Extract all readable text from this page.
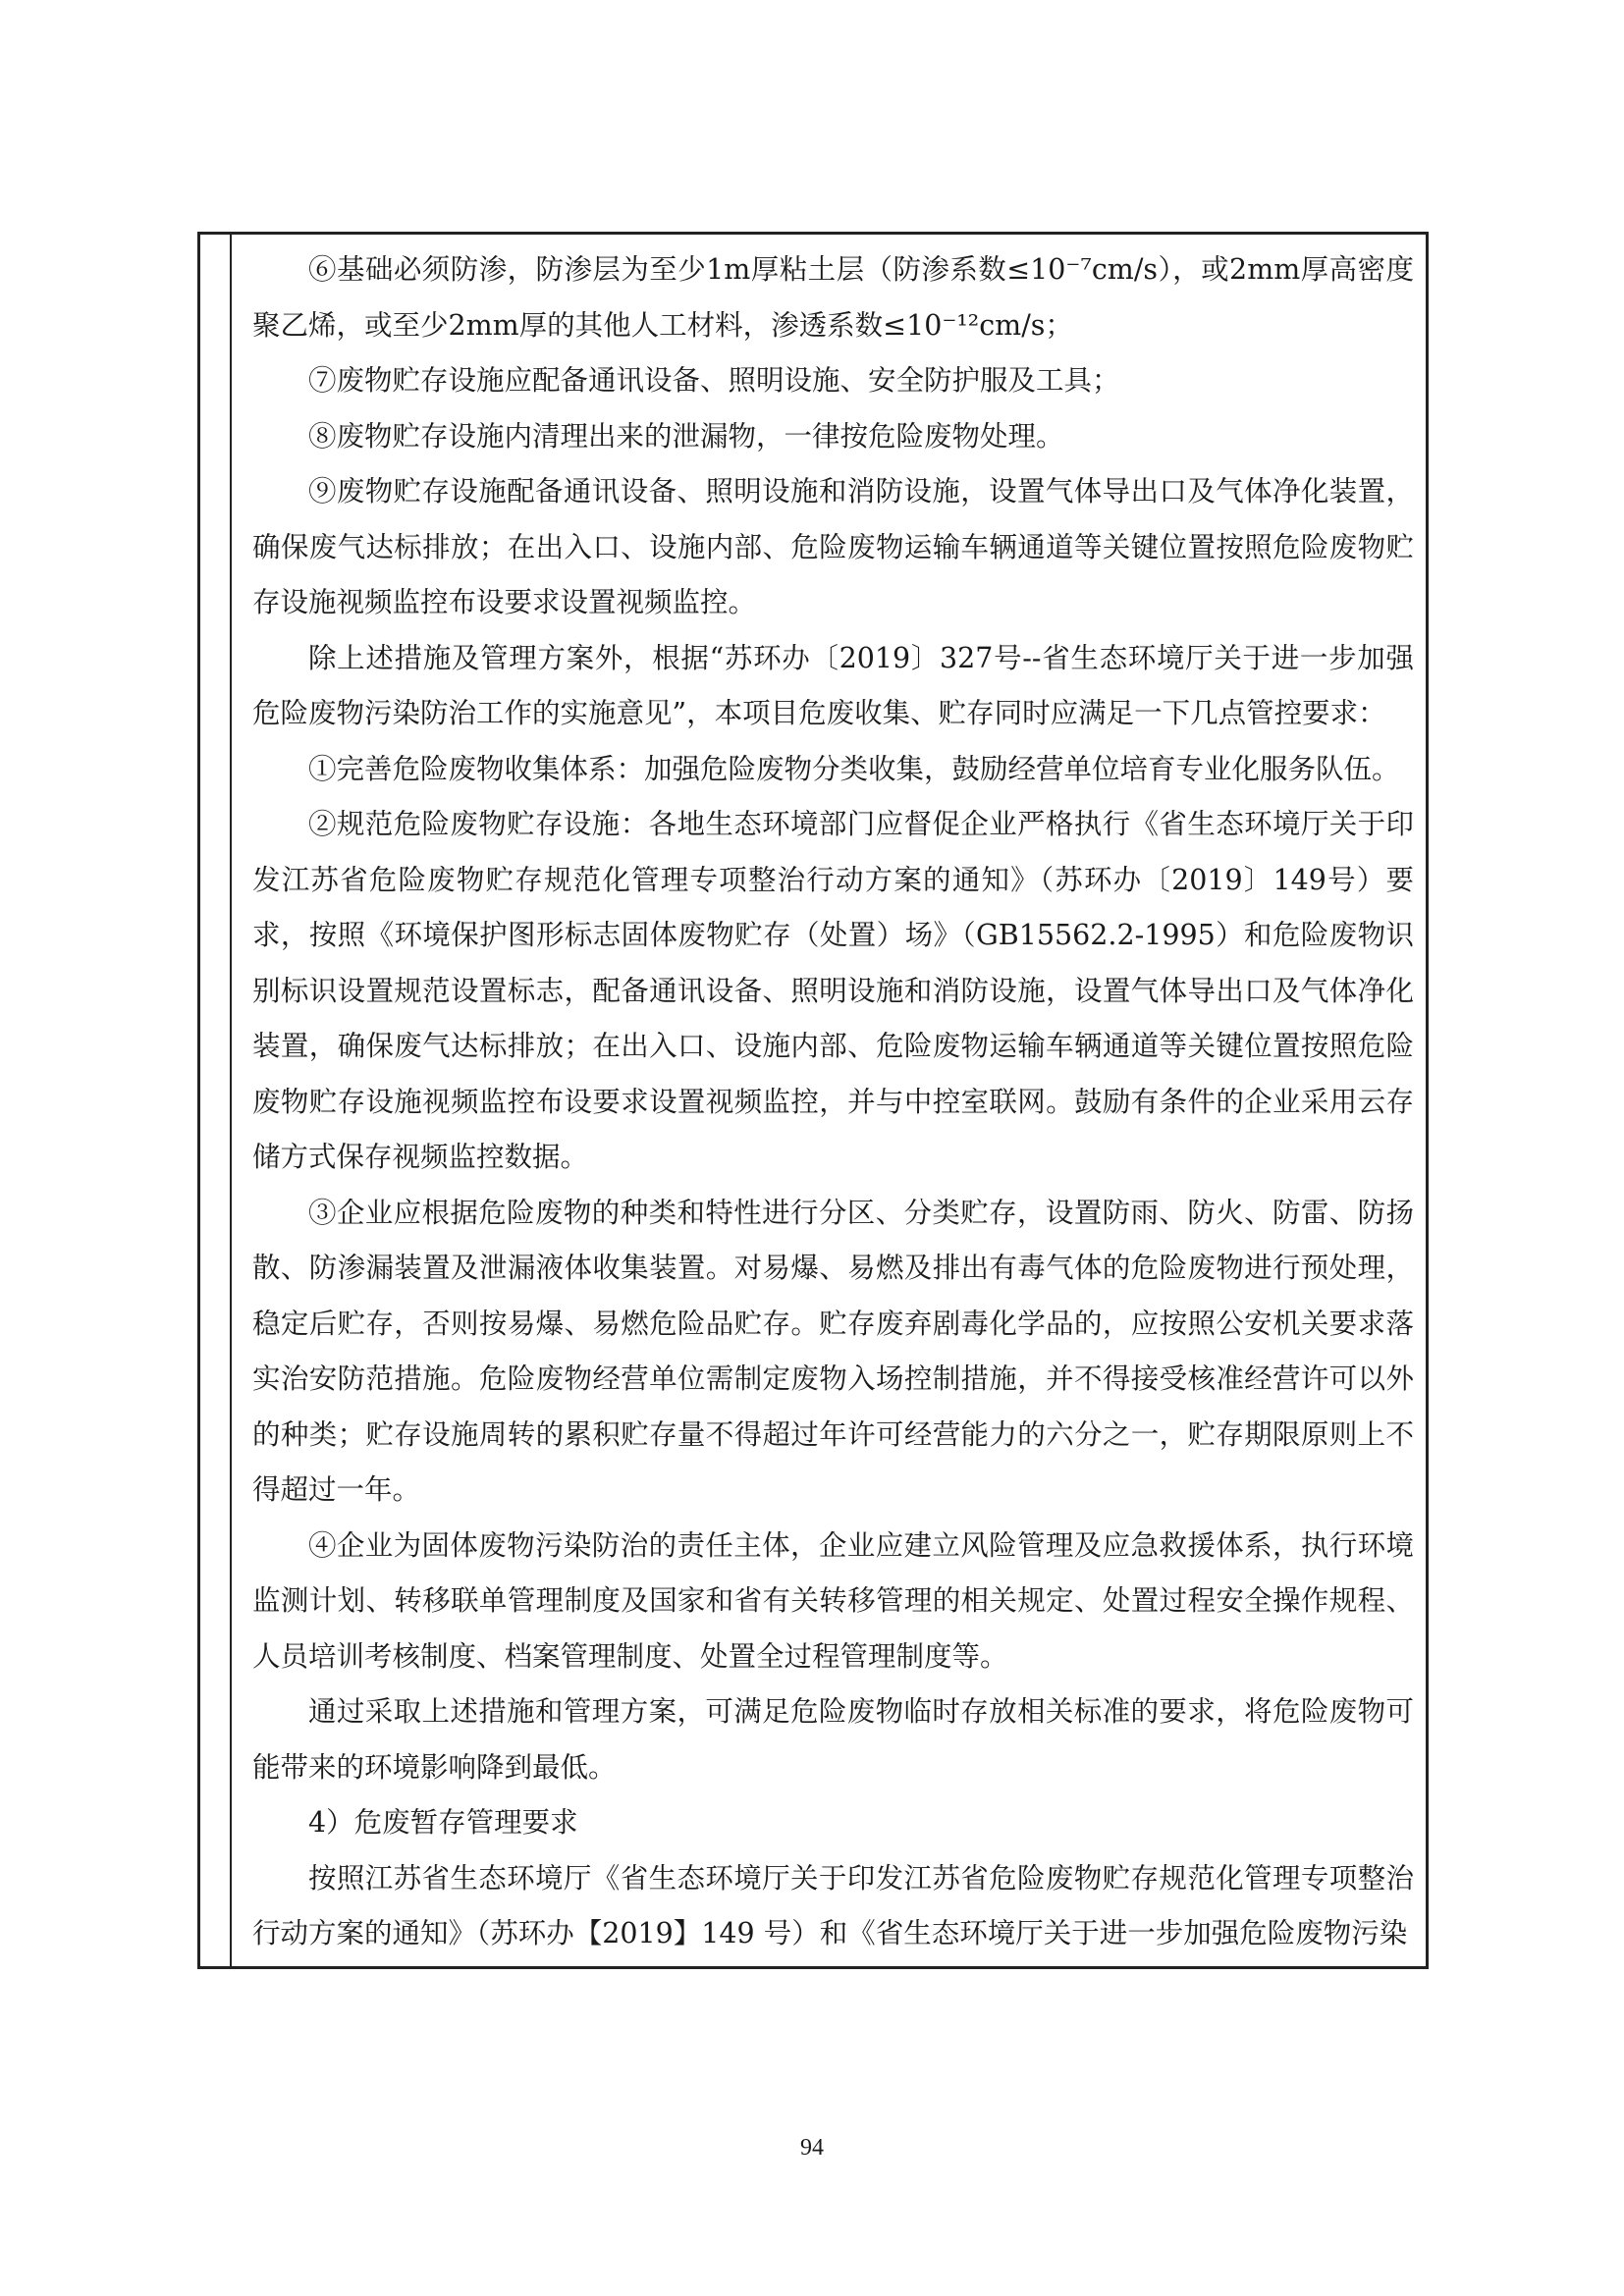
⑥基础必须防渗，防渗层为至少1m厚粘土层（防渗系数≤10⁻⁷cm/s），或2mm厚高密度聚乙烯，或至少2mm厚的其他人工材料，渗透系数≤10⁻¹²cm/s；

⑦废物贮存设施应配备通讯设备、照明设施、安全防护服及工具；

⑧废物贮存设施内清理出来的泄漏物，一律按危险废物处理。

⑨废物贮存设施配备通讯设备、照明设施和消防设施，设置气体导出口及气体净化装置，确保废气达标排放；在出入口、设施内部、危险废物运输车辆通道等关键位置按照危险废物贮存设施视频监控布设要求设置视频监控。

除上述措施及管理方案外，根据“苏环办〔2019〕327号--省生态环境厅关于进一步加强危险废物污染防治工作的实施意见”，本项目危废收集、贮存同时应满足一下几点管控要求：

①完善危险废物收集体系：加强危险废物分类收集，鼓励经营单位培育专业化服务队伍。

②规范危险废物贮存设施：各地生态环境部门应督促企业严格执行《省生态环境厅关于印发江苏省危险废物贮存规范化管理专项整治行动方案的通知》（苏环办〔2019〕149号）要求，按照《环境保护图形标志固体废物贮存（处置）场》（GB15562.2-1995）和危险废物识别标识设置规范设置标志，配备通讯设备、照明设施和消防设施，设置气体导出口及气体净化装置，确保废气达标排放；在出入口、设施内部、危险废物运输车辆通道等关键位置按照危险废物贮存设施视频监控布设要求设置视频监控，并与中控室联网。鼓励有条件的企业采用云存储方式保存视频监控数据。

③企业应根据危险废物的种类和特性进行分区、分类贮存，设置防雨、防火、防雷、防扬散、防渗漏装置及泄漏液体收集装置。对易爆、易燃及排出有毒气体的危险废物进行预处理，稳定后贮存，否则按易爆、易燃危险品贮存。贮存废弃剧毒化学品的，应按照公安机关要求落实治安防范措施。危险废物经营单位需制定废物入场控制措施，并不得接受核准经营许可以外的种类；贮存设施周转的累积贮存量不得超过年许可经营能力的六分之一，贮存期限原则上不得超过一年。

④企业为固体废物污染防治的责任主体，企业应建立风险管理及应急救援体系，执行环境监测计划、转移联单管理制度及国家和省有关转移管理的相关规定、处置过程安全操作规程、人员培训考核制度、档案管理制度、处置全过程管理制度等。

通过采取上述措施和管理方案，可满足危险废物临时存放相关标准的要求，将危险废物可能带来的环境影响降到最低。

4）危废暂存管理要求

按照江苏省生态环境厅《省生态环境厅关于印发江苏省危险废物贮存规范化管理专项整治行动方案的通知》（苏环办【2019】149 号）和《省生态环境厅关于进一步加强危险废物污染

94
